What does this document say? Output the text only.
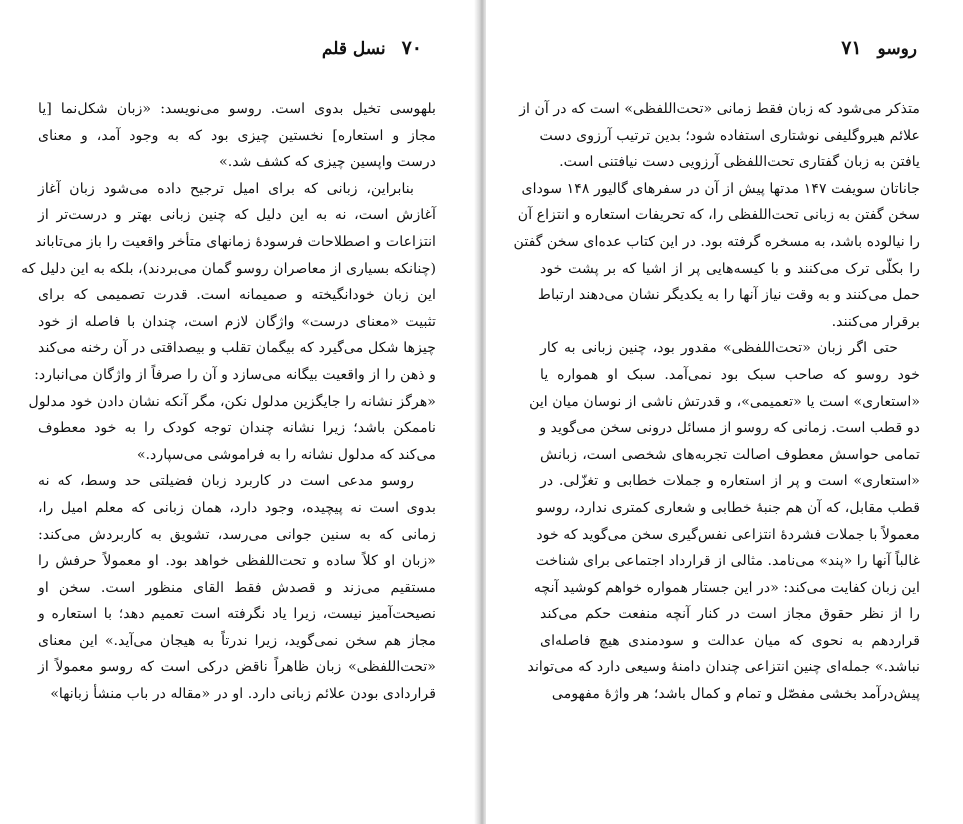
۷۰ نسل قلم
بلهوسی تخیل بدوی است. روسو می‌نویسد: «زبان شکل‌نما [یا
مجاز و استعاره] نخستین چیزی بود که به وجود آمد، و معنای
درست واپسین چیزی که کشف شد.»
بنابراین، زبانی که برای امیل ترجیح داده می‌شود زبان آغاز
آغازش است، نه به این دلیل که چنین زبانی بهتر و درست‌تر از
انتزاعات و اصطلاحات فرسودهٔ زمانهای متأخر واقعیت را باز می‌تاباند
(چنانکه بسیاری از معاصران روسو گمان می‌بردند)، بلکه به این دلیل که
این زبان خودانگیخته و صمیمانه است. قدرت تصمیمی که برای
تثبیت «معنای درست» واژگان لازم است، چندان با فاصله از خود
چیزها شکل می‌گیرد که بیگمان تقلب و بیصداقتی در آن رخنه می‌کند
و ذهن را از واقعیت بیگانه می‌سازد و آن را صرفاً از واژگان می‌انبارد:
«هرگز نشانه را جایگزین مدلول نکن، مگر آنکه نشان دادن خود مدلول
ناممکن باشد؛ زیرا نشانه چندان توجه کودک را به خود معطوف
می‌کند که مدلول نشانه را به فراموشی می‌سپارد.»
روسو مدعی است در کاربرد زبان فضیلتی حد وسط، که نه
بدوی است نه پیچیده، وجود دارد، همان زبانی که معلم امیل را،
زمانی که به سنین جوانی می‌رسد، تشویق به کاربردش می‌کند:
«زبان او کلاً ساده و تحت‌اللفظی خواهد بود. او معمولاً حرفش را
مستقیم می‌زند و قصدش فقط القای منظور است. سخن او
نصیحت‌آمیز نیست، زیرا یاد نگرفته است تعمیم دهد؛ با استعاره و
مجاز هم سخن نمی‌گوید، زیرا ندرتاً به هیجان می‌آید.» این معنای
«تحت‌اللفظی» زبان ظاهراً ناقض درکی است که روسو معمولاً از
قراردادی بودن علائم زبانی دارد. او در «مقاله در باب منشأ زبانها»
روسو ۷۱
متذکر می‌شود که زبان فقط زمانی «تحت‌اللفظی» است که در آن از
علائم هیروگلیفی نوشتاری استفاده شود؛ بدین ترتیب آرزوی دست
یافتن به زبان گفتاری تحت‌اللفظی آرزویی دست نیافتنی است.
جاناتان سویفت ۱۴۷ مدتها پیش از آن در سفرهای گالیور ۱۴۸ سودای
سخن گفتن به زبانی تحت‌اللفظی را، که تحریفات استعاره و انتزاع آن
را نیالوده باشد، به مسخره گرفته بود. در این کتاب عده‌ای سخن گفتن
را بکلّی ترک می‌کنند و با کیسه‌هایی پر از اشیا که بر پشت خود
حمل می‌کنند و به وقت نیاز آنها را به یکدیگر نشان می‌دهند ارتباط
برقرار می‌کنند.
حتی اگر زبان «تحت‌اللفظی» مقدور بود، چنین زبانی به کار
خود روسو که صاحب سبک بود نمی‌آمد. سبک او همواره یا
«استعاری» است یا «تعمیمی»، و قدرتش ناشی از نوسان میان این
دو قطب است. زمانی که روسو از مسائل درونی سخن می‌گوید و
تمامی حواسش معطوف اصالت تجربه‌های شخصی است، زبانش
«استعاری» است و پر از استعاره و جملات خطابی و تغزّلی. در
قطب مقابل، که آن هم جنبهٔ خطابی و شعاری کمتری ندارد، روسو
معمولاً با جملات فشردهٔ انتزاعی نفس‌گیری سخن می‌گوید که خود
غالباً آنها را «پند» می‌نامد. مثالی از قرارداد اجتماعی برای شناخت
این زبان کفایت می‌کند: «در این جستار همواره خواهم کوشید آنچه
را از نظر حقوق مجاز است در کنار آنچه منفعت حکم می‌کند
قراردهم به نحوی که میان عدالت و سودمندی هیچ فاصله‌ای
نباشد.» جمله‌ای چنین انتزاعی چندان دامنهٔ وسیعی دارد که می‌تواند
پیش‌درآمد بخشی مفصّل و تمام و کمال باشد؛ هر واژهٔ مفهومی
